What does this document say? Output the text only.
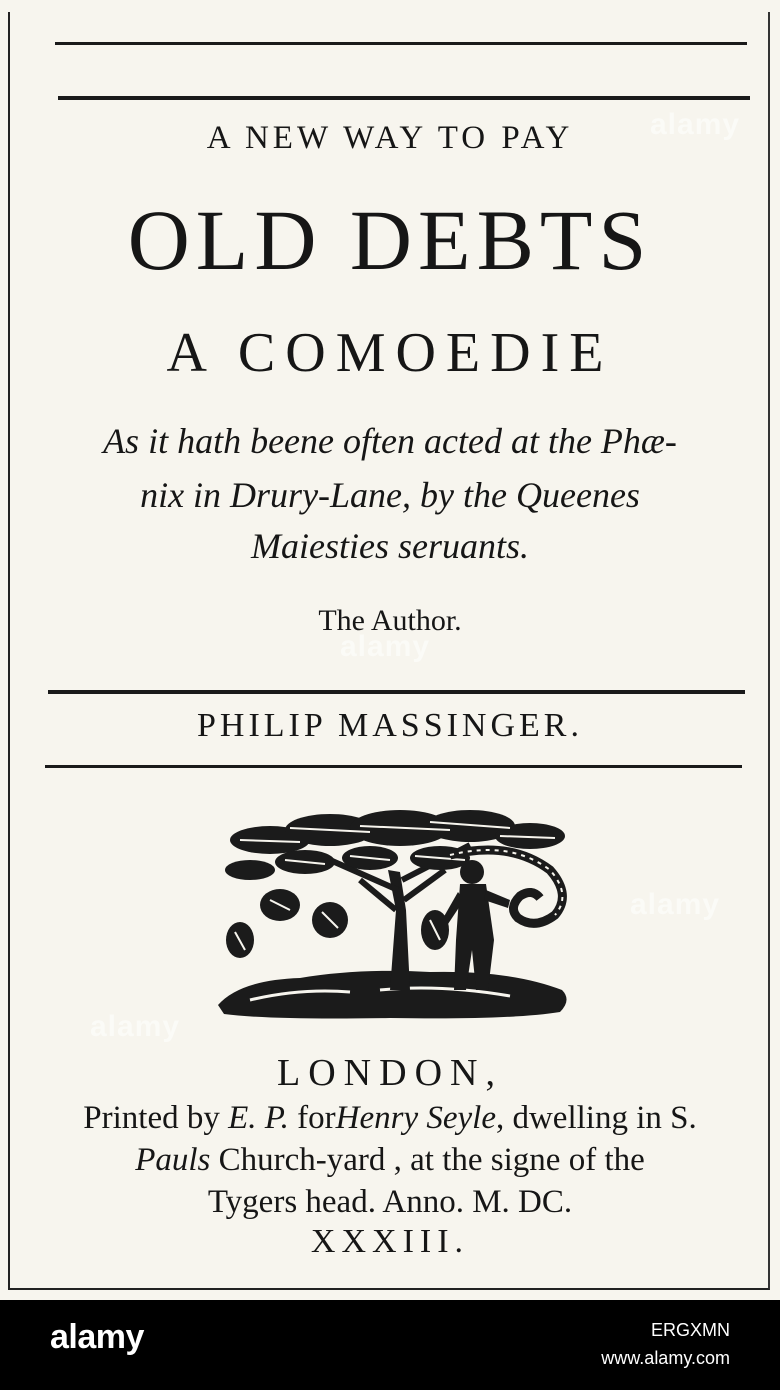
A NEW WAY TO PAY
OLD DEBTS
A COMOEDIE
As it hath beene often acted at the Phæ-
nix in Drury-Lane, by the Queenes
Maiesties seruants.
The Author.
PHILIP MASSINGER.
LONDON,
Printed by E. P. forHenry Seyle, dwelling in S.
Pauls Church-yard , at the signe of the
Tygers head. Anno. M. DC.
XXXIII.
alamy
alamy
alamy
alamy
alamy	ERGXMN
www.alamy.com
